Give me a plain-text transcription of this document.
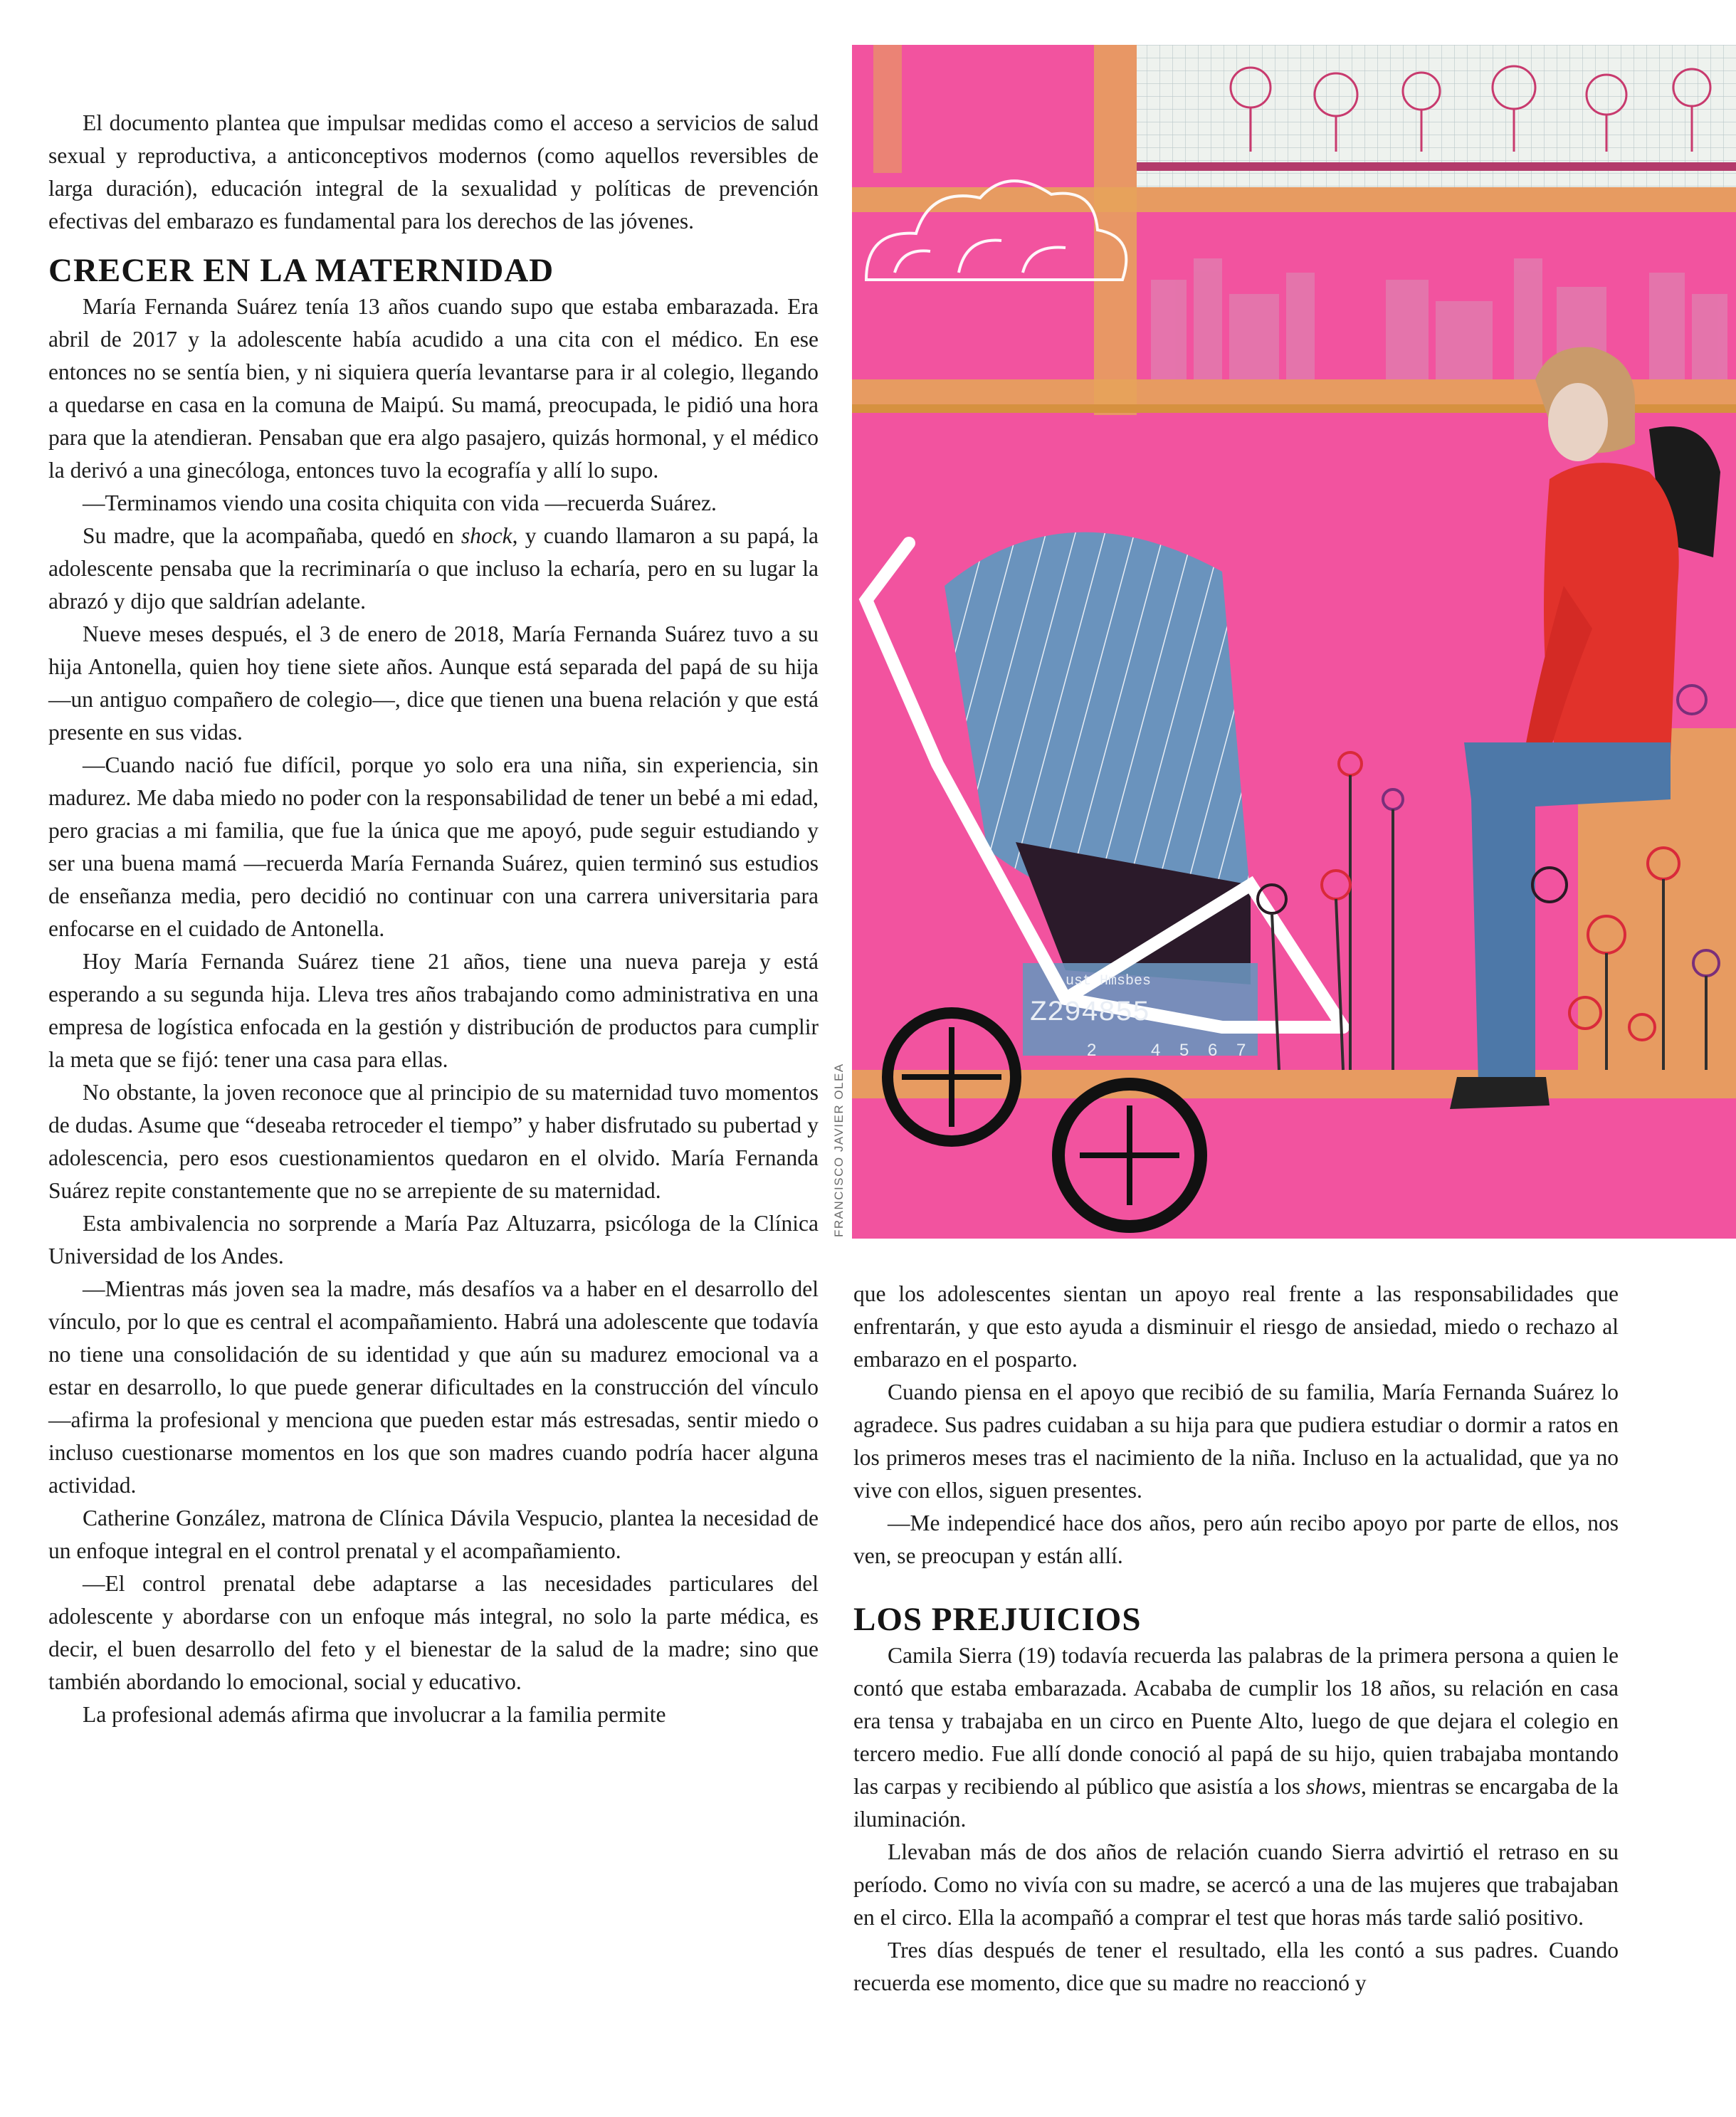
El documento plantea que impulsar medidas como el acceso a servicios de salud sexual y reproductiva, a anticonceptivos modernos (como aquellos reversibles de larga duración), educación integral de la sexualidad y políticas de prevención efectivas del embarazo es fundamental para los derechos de las jóvenes.

CRECER EN LA MATERNIDAD

María Fernanda Suárez tenía 13 años cuando supo que estaba embarazada. Era abril de 2017 y la adolescente había acudido a una cita con el médico. En ese entonces no se sentía bien, y ni siquiera quería levantarse para ir al colegio, llegando a quedarse en casa en la comuna de Maipú. Su mamá, preocupada, le pidió una hora para que la atendieran. Pensaban que era algo pasajero, quizás hormonal, y el médico la derivó a una ginecóloga, entonces tuvo la ecografía y allí lo supo.

—Terminamos viendo una cosita chiquita con vida —recuerda Suárez.

Su madre, que la acompañaba, quedó en shock, y cuando llamaron a su papá, la adolescente pensaba que la recriminaría o que incluso la echaría, pero en su lugar la abrazó y dijo que saldrían adelante.

Nueve meses después, el 3 de enero de 2018, María Fernanda Suárez tuvo a su hija Antonella, quien hoy tiene siete años. Aunque está separada del papá de su hija —un antiguo compañero de colegio—, dice que tienen una buena relación y que está presente en sus vidas.

—Cuando nació fue difícil, porque yo solo era una niña, sin experiencia, sin madurez. Me daba miedo no poder con la responsabilidad de tener un bebé a mi edad, pero gracias a mi familia, que fue la única que me apoyó, pude seguir estudiando y ser una buena mamá —recuerda María Fernanda Suárez, quien terminó sus estudios de enseñanza media, pero decidió no continuar con una carrera universitaria para enfocarse en el cuidado de Antonella.

Hoy María Fernanda Suárez tiene 21 años, tiene una nueva pareja y está esperando a su segunda hija. Lleva tres años trabajando como administrativa en una empresa de logística enfocada en la gestión y distribución de productos para cumplir la meta que se fijó: tener una casa para ellas.

No obstante, la joven reconoce que al principio de su maternidad tuvo momentos de dudas. Asume que “deseaba retroceder el tiempo” y haber disfrutado su pubertad y adolescencia, pero esos cuestionamientos quedaron en el olvido. María Fernanda Suárez repite constantemente que no se arrepiente de su maternidad.

Esta ambivalencia no sorprende a María Paz Altuzarra, psicóloga de la Clínica Universidad de los Andes.

—Mientras más joven sea la madre, más desafíos va a haber en el desarrollo del vínculo, por lo que es central el acompañamiento. Habrá una adolescente que todavía no tiene una consolidación de su identidad y que aún su madurez emocional va a estar en desarrollo, lo que puede generar dificultades en la construcción del vínculo —afirma la profesional y menciona que pueden estar más estresadas, sentir miedo o incluso cuestionarse momentos en los que son madres cuando podría hacer alguna actividad.

Catherine González, matrona de Clínica Dávila Vespucio, plantea la necesidad de un enfoque integral en el control prenatal y el acompañamiento.

—El control prenatal debe adaptarse a las necesidades particulares del adolescente y abordarse con un enfoque más integral, no solo la parte médica, es decir, el buen desarrollo del feto y el bienestar de la salud de la madre; sino que también abordando lo emocional, social y educativo.

La profesional además afirma que involucrar a la familia permite

ust Hmsbes
Z294855
2	4 5 6 7
FRANCISCO JAVIER OLEA

que los adolescentes sientan un apoyo real frente a las responsabilidades que enfrentarán, y que esto ayuda a disminuir el riesgo de ansiedad, miedo o rechazo al embarazo en el posparto.

Cuando piensa en el apoyo que recibió de su familia, María Fernanda Suárez lo agradece. Sus padres cuidaban a su hija para que pudiera estudiar o dormir a ratos en los primeros meses tras el nacimiento de la niña. Incluso en la actualidad, que ya no vive con ellos, siguen presentes.

—Me independicé hace dos años, pero aún recibo apoyo por parte de ellos, nos ven, se preocupan y están allí.

LOS PREJUICIOS

Camila Sierra (19) todavía recuerda las palabras de la primera persona a quien le contó que estaba embarazada. Acababa de cumplir los 18 años, su relación en casa era tensa y trabajaba en un circo en Puente Alto, luego de que dejara el colegio en tercero medio. Fue allí donde conoció al papá de su hijo, quien trabajaba montando las carpas y recibiendo al público que asistía a los shows, mientras se encargaba de la iluminación.

Llevaban más de dos años de relación cuando Sierra advirtió el retraso en su período. Como no vivía con su madre, se acercó a una de las mujeres que trabajaban en el circo. Ella la acompañó a comprar el test que horas más tarde salió positivo.

Tres días después de tener el resultado, ella les contó a sus padres. Cuando recuerda ese momento, dice que su madre no reaccionó y
